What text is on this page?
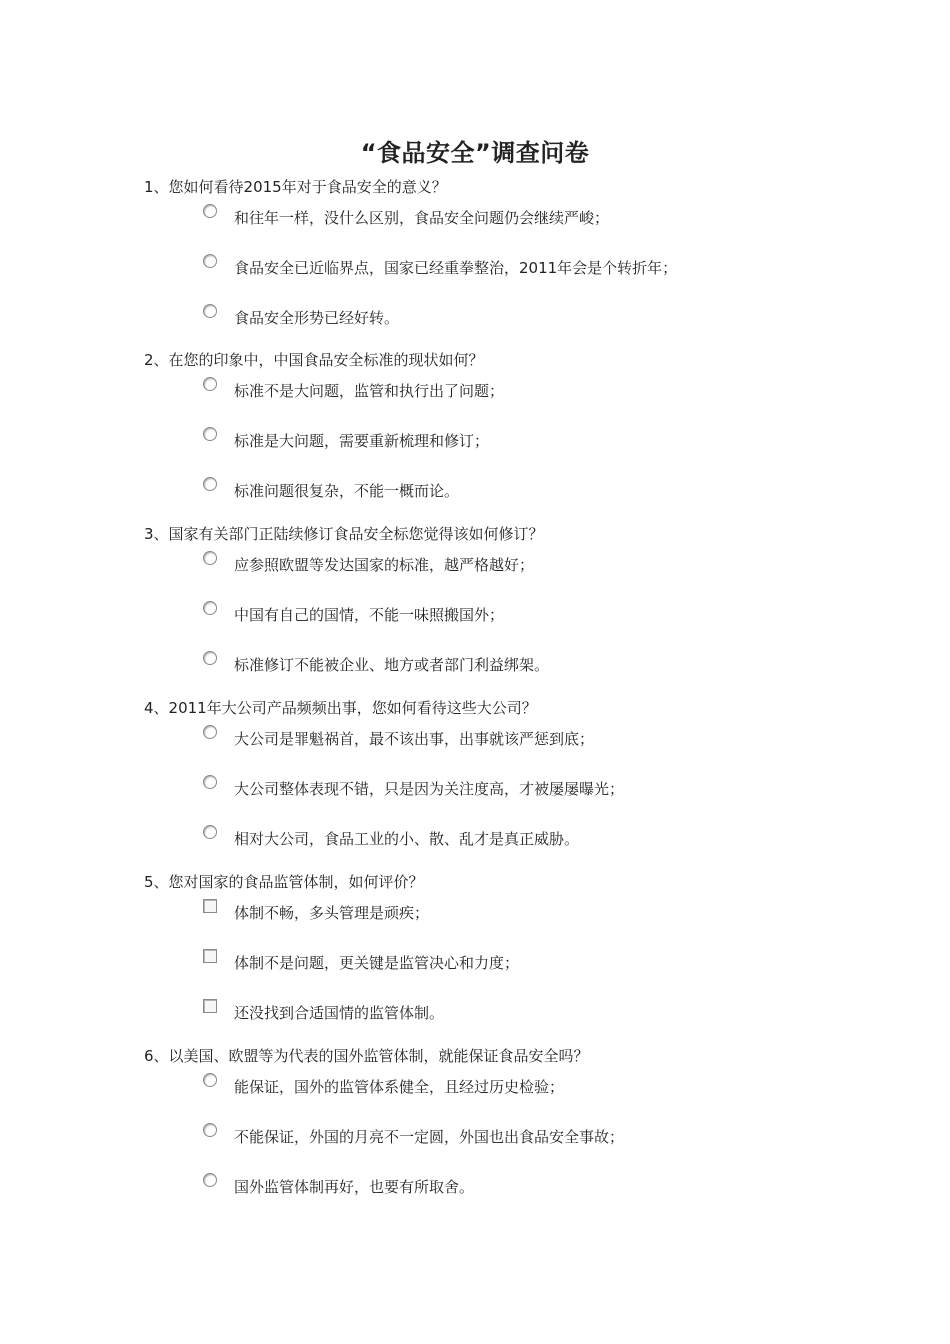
“食品安全”调查问卷
1、您如何看待2015年对于食品安全的意义？
和往年一样，没什么区别，食品安全问题仍会继续严峻；
食品安全已近临界点，国家已经重拳整治，2011年会是个转折年；
食品安全形势已经好转。
2、在您的印象中，中国食品安全标准的现状如何？
标准不是大问题，监管和执行出了问题；
标准是大问题，需要重新梳理和修订；
标准问题很复杂，不能一概而论。
3、国家有关部门正陆续修订食品安全标您觉得该如何修订？
应参照欧盟等发达国家的标准，越严格越好；
中国有自己的国情，不能一味照搬国外；
标准修订不能被企业、地方或者部门利益绑架。
4、2011年大公司产品频频出事，您如何看待这些大公司？
大公司是罪魁祸首，最不该出事，出事就该严惩到底；
大公司整体表现不错，只是因为关注度高，才被屡屡曝光；
相对大公司，食品工业的小、散、乱才是真正威胁。
5、您对国家的食品监管体制，如何评价？
体制不畅，多头管理是顽疾；
体制不是问题，更关键是监管决心和力度；
还没找到合适国情的监管体制。
6、以美国、欧盟等为代表的国外监管体制，就能保证食品安全吗？
能保证，国外的监管体系健全，且经过历史检验；
不能保证，外国的月亮不一定圆，外国也出食品安全事故；
国外监管体制再好，也要有所取舍。
